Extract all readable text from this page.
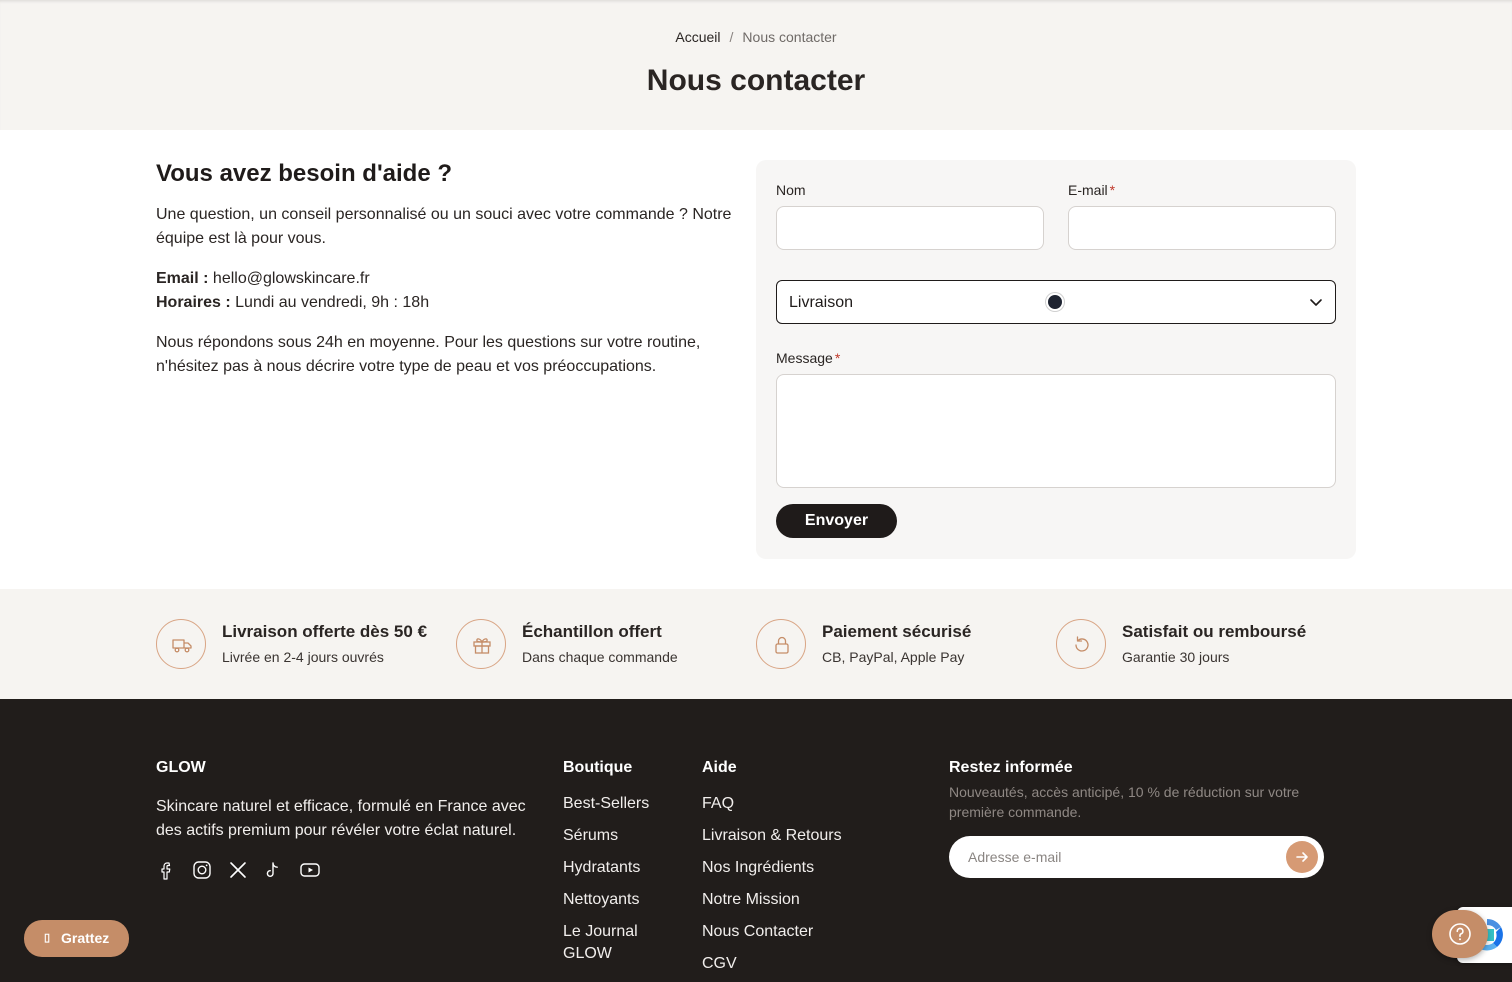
Accueil / Nous contacter
Nous contacter
Vous avez besoin d'aide ?

Une question, un conseil personnalisé ou un souci avec votre commande ? Notre équipe est là pour vous.

Email : hello@glowskincare.fr
Horaires : Lundi au vendredi, 9h : 18h

Nous répondons sous 24h en moyenne. Pour les questions sur votre routine, n'hésitez pas à nous décrire votre type de peau et vos préoccupations.

Nom	E-mail *
Livraison
Message *
Envoyer
Livraison offerte dès 50 €
Livrée en 2-4 jours ouvrés
Échantillon offert
Dans chaque commande
Paiement sécurisé
CB, PayPal, Apple Pay
Satisfait ou remboursé
Garantie 30 jours
GLOW
Skincare naturel et efficace, formulé en France avec des actifs premium pour révéler votre éclat naturel.
Boutique
Best-Sellers
Sérums
Hydratants
Nettoyants
Le Journal GLOW
Aide
FAQ
Livraison & Retours
Nos Ingrédients
Notre Mission
Nous Contacter
CGV
Restez informée
Nouveautés, accès anticipé, 10 % de réduction sur votre première commande.
Adresse e-mail
▯ Grattez
